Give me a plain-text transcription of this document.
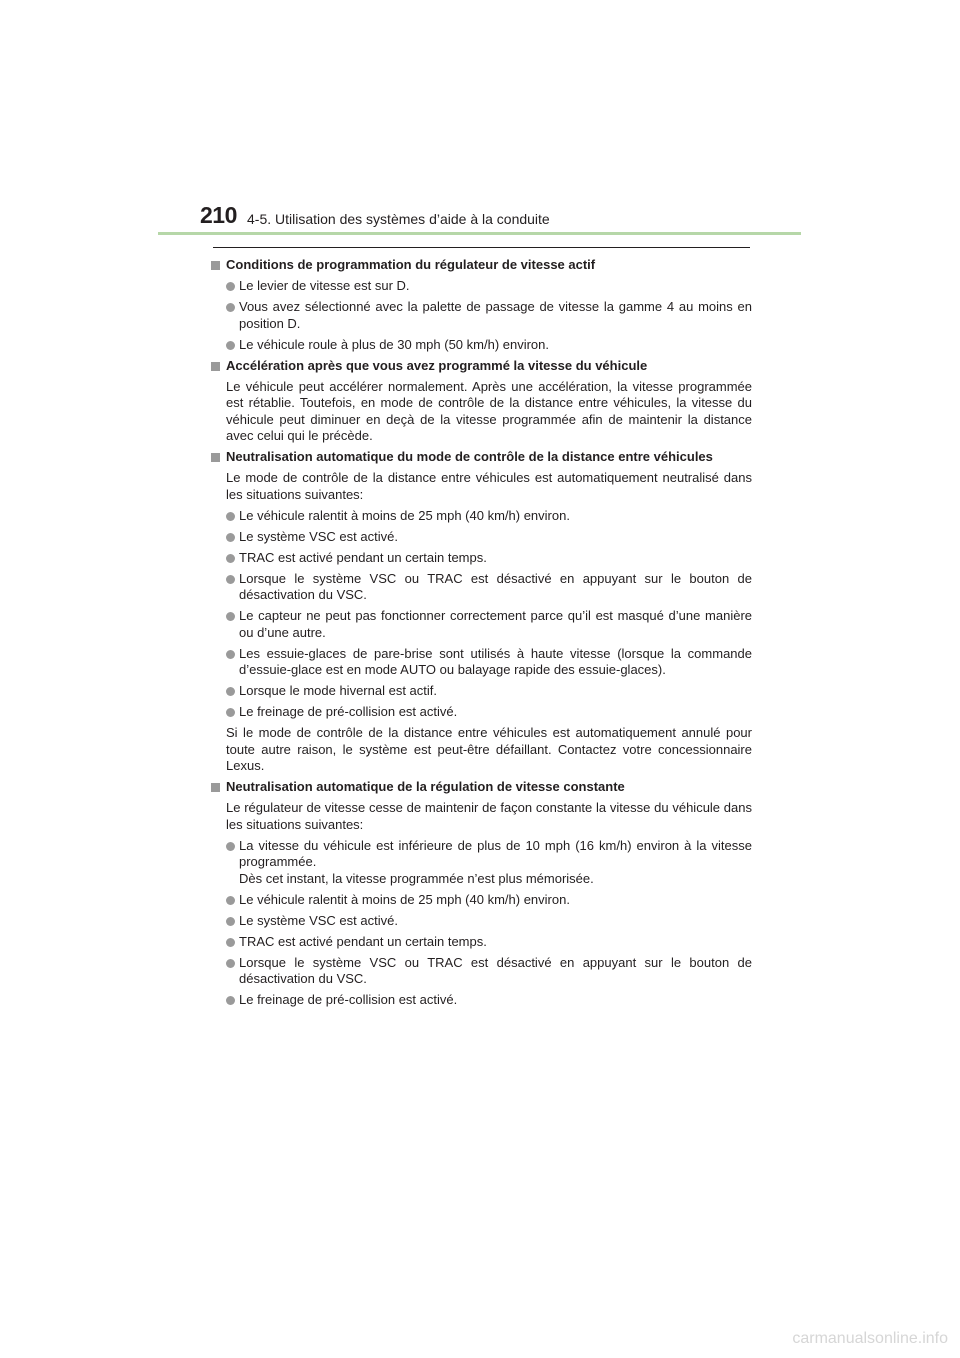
210 4-5. Utilisation des systèmes d’aide à la conduite
Conditions de programmation du régulateur de vitesse actif
Le levier de vitesse est sur D.
Vous avez sélectionné avec la palette de passage de vitesse la gamme 4 au moins en position D.
Le véhicule roule à plus de 30 mph (50 km/h) environ.
Accélération après que vous avez programmé la vitesse du véhicule
Le véhicule peut accélérer normalement. Après une accélération, la vitesse programmée est rétablie. Toutefois, en mode de contrôle de la distance entre véhicules, la vitesse du véhicule peut diminuer en deçà de la vitesse programmée afin de maintenir la distance avec celui qui le précède.
Neutralisation automatique du mode de contrôle de la distance entre véhicules
Le mode de contrôle de la distance entre véhicules est automatiquement neutralisé dans les situations suivantes:
Le véhicule ralentit à moins de 25 mph (40 km/h) environ.
Le système VSC est activé.
TRAC est activé pendant un certain temps.
Lorsque le système VSC ou TRAC est désactivé en appuyant sur le bouton de désactivation du VSC.
Le capteur ne peut pas fonctionner correctement parce qu’il est masqué d’une manière ou d’une autre.
Les essuie-glaces de pare-brise sont utilisés à haute vitesse (lorsque la commande d’essuie-glace est en mode AUTO ou balayage rapide des essuie-glaces).
Lorsque le mode hivernal est actif.
Le freinage de pré-collision est activé.
Si le mode de contrôle de la distance entre véhicules est automatiquement annulé pour toute autre raison, le système est peut-être défaillant. Contactez votre concessionnaire Lexus.
Neutralisation automatique de la régulation de vitesse constante
Le régulateur de vitesse cesse de maintenir de façon constante la vitesse du véhicule dans les situations suivantes:
La vitesse du véhicule est inférieure de plus de 10 mph (16 km/h) environ à la vitesse programmée.
Dès cet instant, la vitesse programmée n’est plus mémorisée.
Le véhicule ralentit à moins de 25 mph (40 km/h) environ.
Le système VSC est activé.
TRAC est activé pendant un certain temps.
Lorsque le système VSC ou TRAC est désactivé en appuyant sur le bouton de désactivation du VSC.
Le freinage de pré-collision est activé.
carmanualsonline.info
